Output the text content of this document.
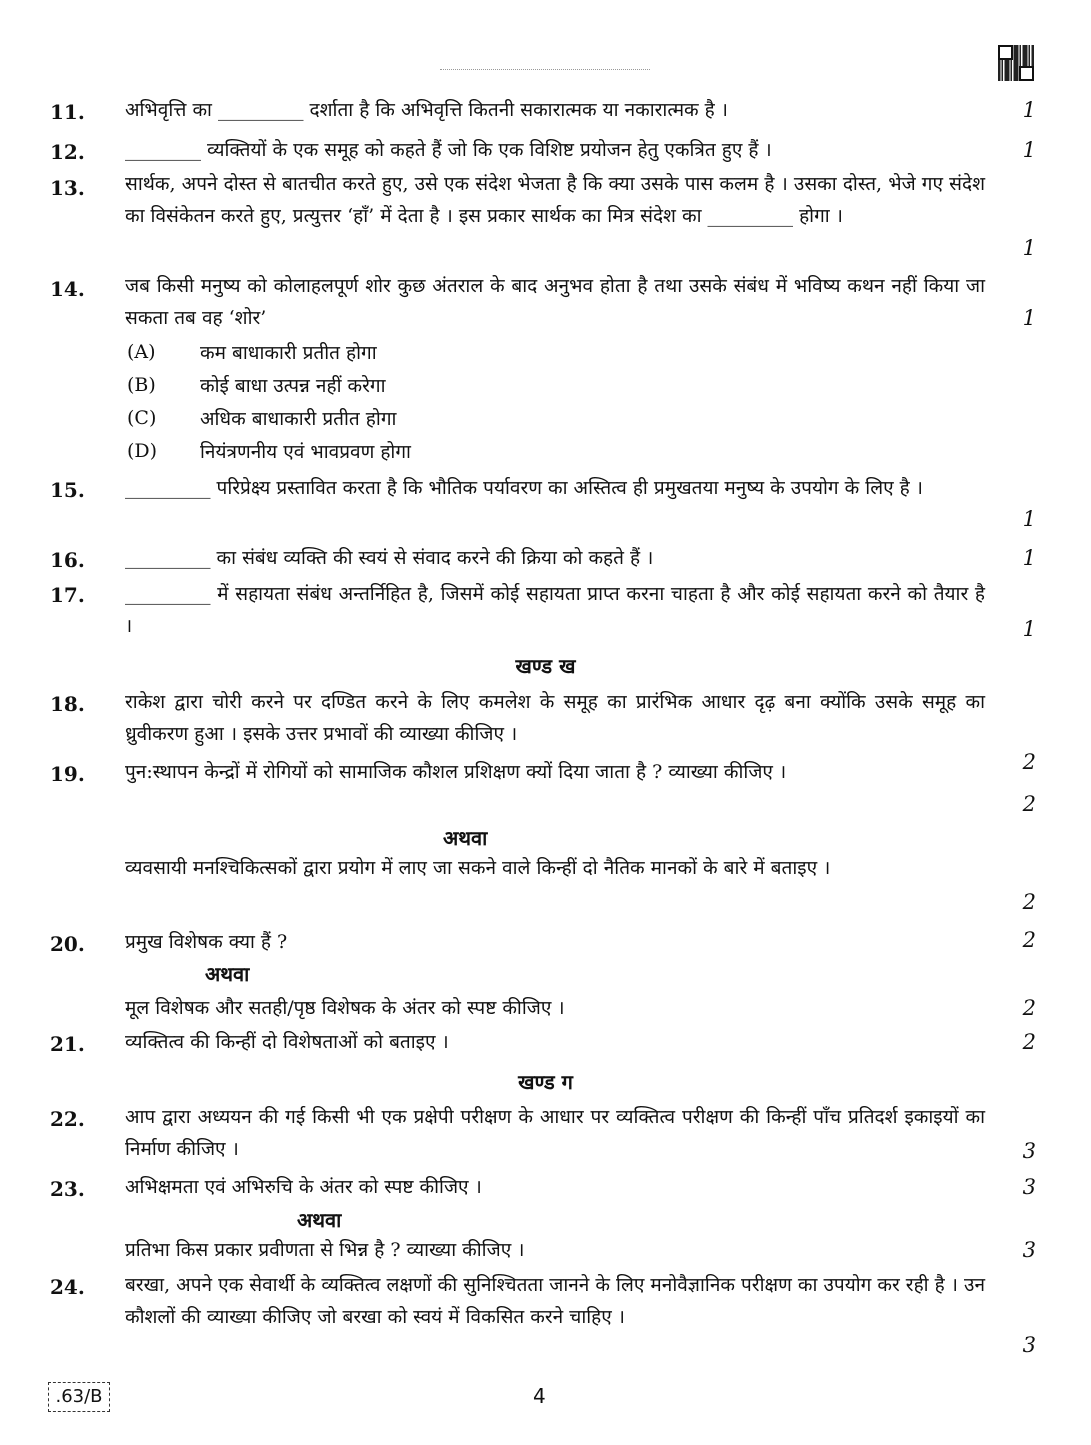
11. अभिवृत्ति का _________ दर्शाता है कि अभिवृत्ति कितनी सकारात्मक या नकारात्मक है ।	1
12. ________ व्यक्तियों के एक समूह को कहते हैं जो कि एक विशिष्ट प्रयोजन हेतु एकत्रित हुए हैं ।	1
13. सार्थक, अपने दोस्त से बातचीत करते हुए, उसे एक संदेश भेजता है कि क्या उसके पास कलम है । उसका दोस्त, भेजे गए संदेश का विसंकेतन करते हुए, प्रत्युत्तर ‘हाँ’ में देता है । इस प्रकार सार्थक का मित्र संदेश का _________ होगा ।
1
14. जब किसी मनुष्य को कोलाहलपूर्ण शोर कुछ अंतराल के बाद अनुभव होता है तथा उसके संबंध में भविष्य कथन नहीं किया जा सकता तब वह ‘शोर’	1
(A) कम बाधाकारी प्रतीत होगा
(B) कोई बाधा उत्पन्न नहीं करेगा
(C) अधिक बाधाकारी प्रतीत होगा
(D) नियंत्रणनीय एवं भावप्रवण होगा
15. _________ परिप्रेक्ष्य प्रस्तावित करता है कि भौतिक पर्यावरण का अस्तित्व ही प्रमुखतया मनुष्य के उपयोग के लिए है ।
1
16. _________ का संबंध व्यक्ति की स्वयं से संवाद करने की क्रिया को कहते हैं ।	1
17. _________ में सहायता संबंध अन्तर्निहित है, जिसमें कोई सहायता प्राप्त करना चाहता है और कोई सहायता करने को तैयार है ।	1
खण्ड ख
18. राकेश द्वारा चोरी करने पर दण्डित करने के लिए कमलेश के समूह का प्रारंभिक आधार दृढ़ बना क्योंकि उसके समूह का ध्रुवीकरण हुआ । इसके उत्तर प्रभावों की व्याख्या कीजिए ।
2
19. पुन:स्थापन केन्द्रों में रोगियों को सामाजिक कौशल प्रशिक्षण क्यों दिया जाता है ? व्याख्या कीजिए ।
2
अथवा
व्यवसायी मनश्चिकित्सकों द्वारा प्रयोग में लाए जा सकने वाले किन्हीं दो नैतिक मानकों के बारे में बताइए ।
2
20. प्रमुख विशेषक क्या हैं ?	2
अथवा
मूल विशेषक और सतही/पृष्ठ विशेषक के अंतर को स्पष्ट कीजिए ।	2
21. व्यक्तित्व की किन्हीं दो विशेषताओं को बताइए ।	2
खण्ड ग
22. आप द्वारा अध्ययन की गई किसी भी एक प्रक्षेपी परीक्षण के आधार पर व्यक्तित्व परीक्षण की किन्हीं पाँच प्रतिदर्श इकाइयों का निर्माण कीजिए ।	3
23. अभिक्षमता एवं अभिरुचि के अंतर को स्पष्ट कीजिए ।	3
अथवा
प्रतिभा किस प्रकार प्रवीणता से भिन्न है ? व्याख्या कीजिए ।	3
24. बरखा, अपने एक सेवार्थी के व्यक्तित्व लक्षणों की सुनिश्चितता जानने के लिए मनोवैज्ञानिक परीक्षण का उपयोग कर रही है । उन कौशलों की व्याख्या कीजिए जो बरखा को स्वयं में विकसित करने चाहिए ।
3
.63/B	4
